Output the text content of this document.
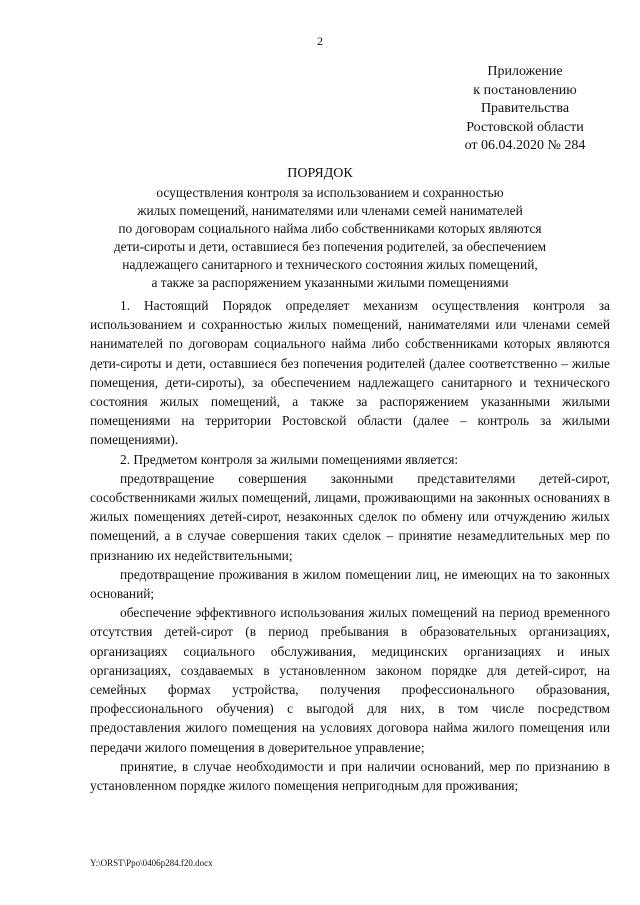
2
Приложение
к постановлению
Правительства
Ростовской области
от 06.04.2020 № 284
ПОРЯДОК
осуществления контроля за использованием и сохранностью
жилых помещений, нанимателями или членами семей нанимателей
по договорам социального найма либо собственниками которых являются
дети-сироты и дети, оставшиеся без попечения родителей, за обеспечением
надлежащего санитарного и технического состояния жилых помещений,
а также за распоряжением указанными жилыми помещениями

1. Настоящий Порядок определяет механизм осуществления контроля за использованием и сохранностью жилых помещений, нанимателями или членами семей нанимателей по договорам социального найма либо собственниками которых являются дети-сироты и дети, оставшиеся без попечения родителей (далее соответственно – жилые помещения, дети-сироты), за обеспечением надлежащего санитарного и технического состояния жилых помещений, а также за распоряжением указанными жилыми помещениями на территории Ростовской области (далее – контроль за жилыми помещениями).

2. Предметом контроля за жилыми помещениями является:

предотвращение совершения законными представителями детей-сирот, сособственниками жилых помещений, лицами, проживающими на законных основаниях в жилых помещениях детей-сирот, незаконных сделок по обмену или отчуждению жилых помещений, а в случае совершения таких сделок – принятие незамедлительных мер по признанию их недействительными;

предотвращение проживания в жилом помещении лиц, не имеющих на то законных оснований;

обеспечение эффективного использования жилых помещений на период временного отсутствия детей-сирот (в период пребывания в образовательных организациях, организациях социального обслуживания, медицинских организациях и иных организациях, создаваемых в установленном законом порядке для детей-сирот, на семейных формах устройства, получения профессионального образования, профессионального обучения) с выгодой для них, в том числе посредством предоставления жилого помещения на условиях договора найма жилого помещения или передачи жилого помещения в доверительное управление;

принятие, в случае необходимости и при наличии оснований, мер по признанию в установленном порядке жилого помещения непригодным для проживания;

Y:\ORST\Ppo\0406p284.f20.docx
